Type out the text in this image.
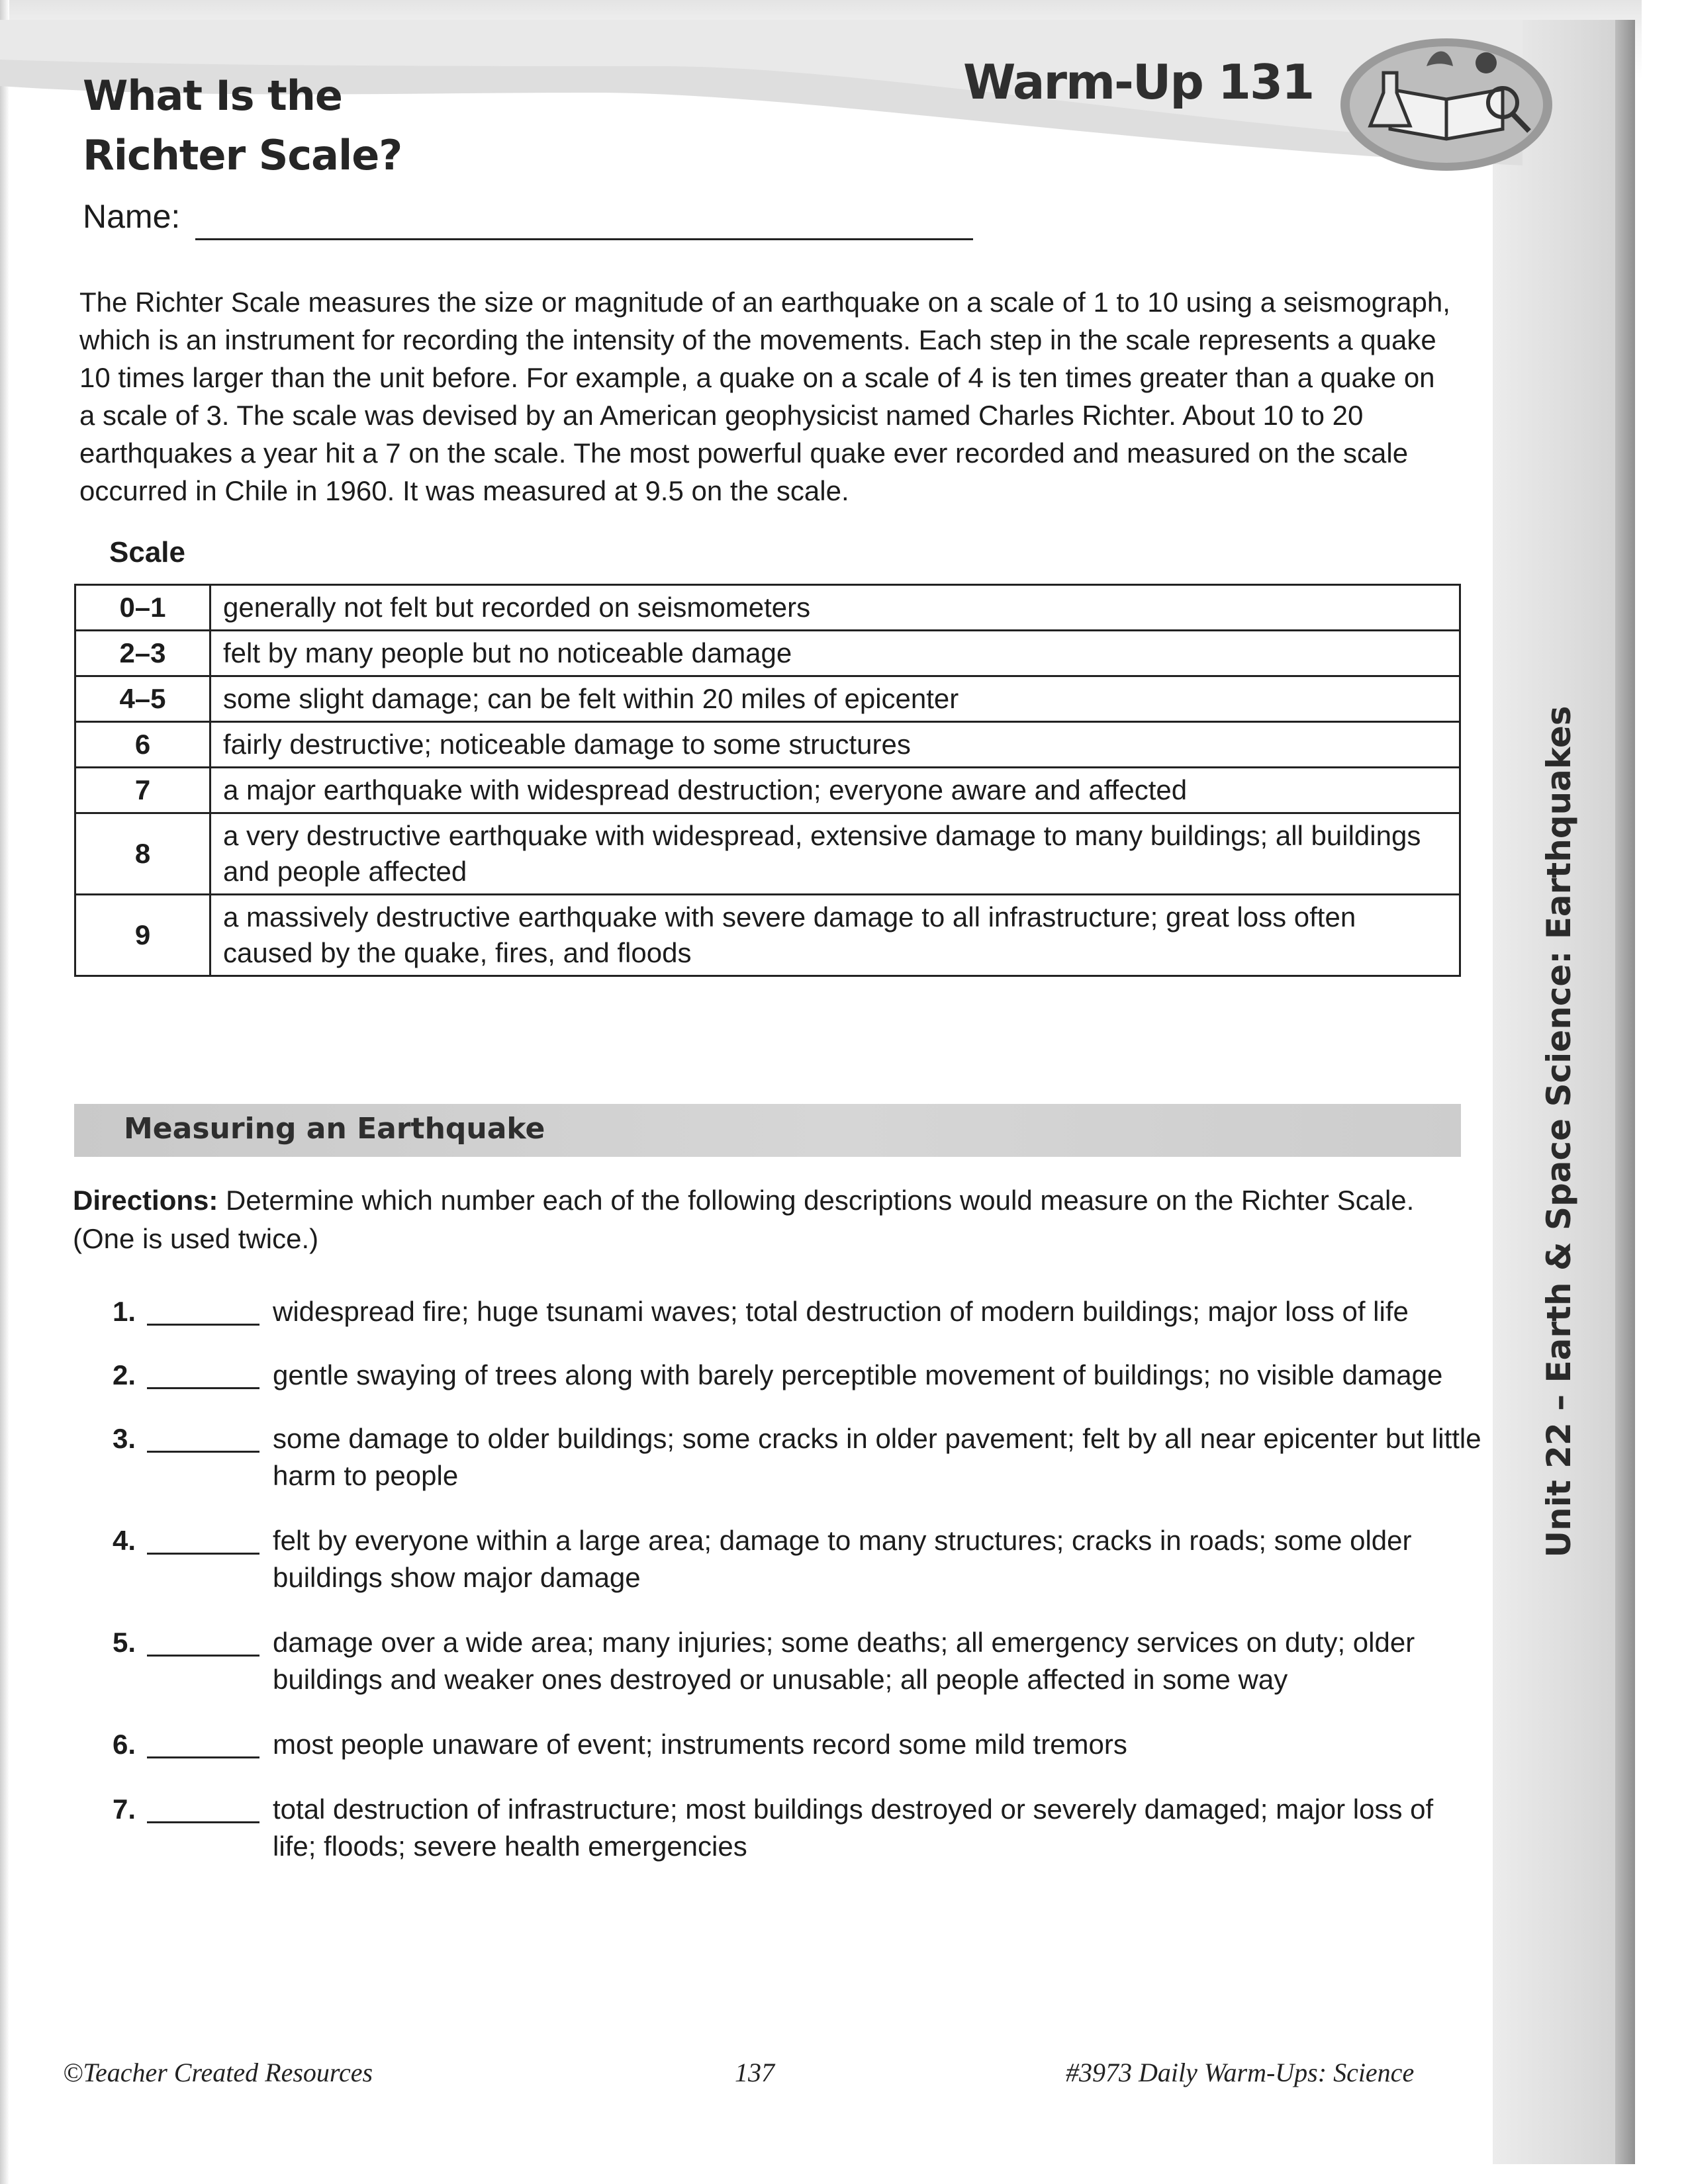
What Is the
Richter Scale?
Warm-Up 131
Name:

The Richter Scale measures the size or magnitude of an earthquake on a scale of 1 to 10 using a seismograph, which is an instrument for recording the intensity of the movements. Each step in the scale represents a quake 10 times larger than the unit before. For example, a quake on a scale of 4 is ten times greater than a quake on a scale of 3. The scale was devised by an American geophysicist named Charles Richter. About 10 to 20 earthquakes a year hit a 7 on the scale. The most powerful quake ever recorded and measured on the scale occurred in Chile in 1960. It was measured at 9.5 on the scale.

Scale
0–1	generally not felt but recorded on seismometers
2–3	felt by many people but no noticeable damage
4–5	some slight damage; can be felt within 20 miles of epicenter
6	fairly destructive; noticeable damage to some structures
7	a major earthquake with widespread destruction; everyone aware and affected
8	a very destructive earthquake with widespread, extensive damage to many buildings; all buildings and people affected
9	a massively destructive earthquake with severe damage to all infrastructure; great loss often caused by the quake, fires, and floods
Measuring an Earthquake

Directions: Determine which number each of the following descriptions would measure on the Richter Scale. (One is used twice.)

1.	widespread fire; huge tsunami waves; total destruction of modern buildings; major loss of life
2.	gentle swaying of trees along with barely perceptible movement of buildings; no visible damage
3.	some damage to older buildings; some cracks in older pavement; felt by all near epicenter but little harm to people
4.	felt by everyone within a large area; damage to many structures; cracks in roads; some older buildings show major damage
5.	damage over a wide area; many injuries; some deaths; all emergency services on duty; older buildings and weaker ones destroyed or unusable; all people affected in some way
6.	most people unaware of event; instruments record some mild tremors
7.	total destruction of infrastructure; most buildings destroyed or severely damaged; major loss of life; floods; severe health emergencies
Unit 22 – Earth & Space Science: Earthquakes
©Teacher Created Resources	137	#3973 Daily Warm-Ups: Science
